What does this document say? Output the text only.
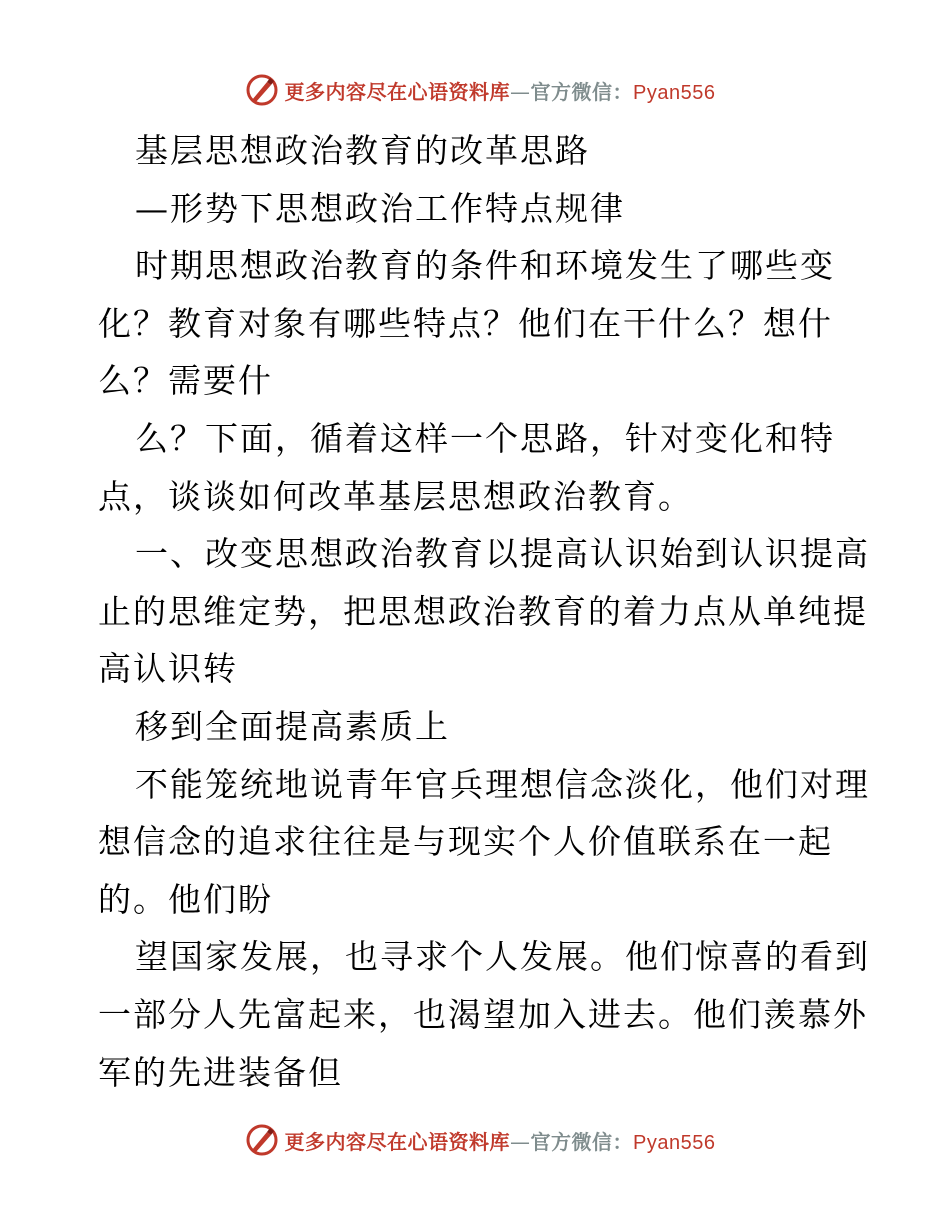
更多内容尽在心语资料库—官方微信：Pyan556
基层思想政治教育的改革思路
—形势下思想政治工作特点规律
时期思想政治教育的条件和环境发生了哪些变
化？教育对象有哪些特点？他们在干什么？想什
么？需要什
么？下面，循着这样一个思路，针对变化和特
点，谈谈如何改革基层思想政治教育。
一、改变思想政治教育以提高认识始到认识提高
止的思维定势，把思想政治教育的着力点从单纯提
高认识转
移到全面提高素质上
不能笼统地说青年官兵理想信念淡化，他们对理
想信念的追求往往是与现实个人价值联系在一起
的。他们盼
望国家发展，也寻求个人发展。他们惊喜的看到
一部分人先富起来，也渴望加入进去。他们羡慕外
军的先进装备但
更多内容尽在心语资料库—官方微信：Pyan556
